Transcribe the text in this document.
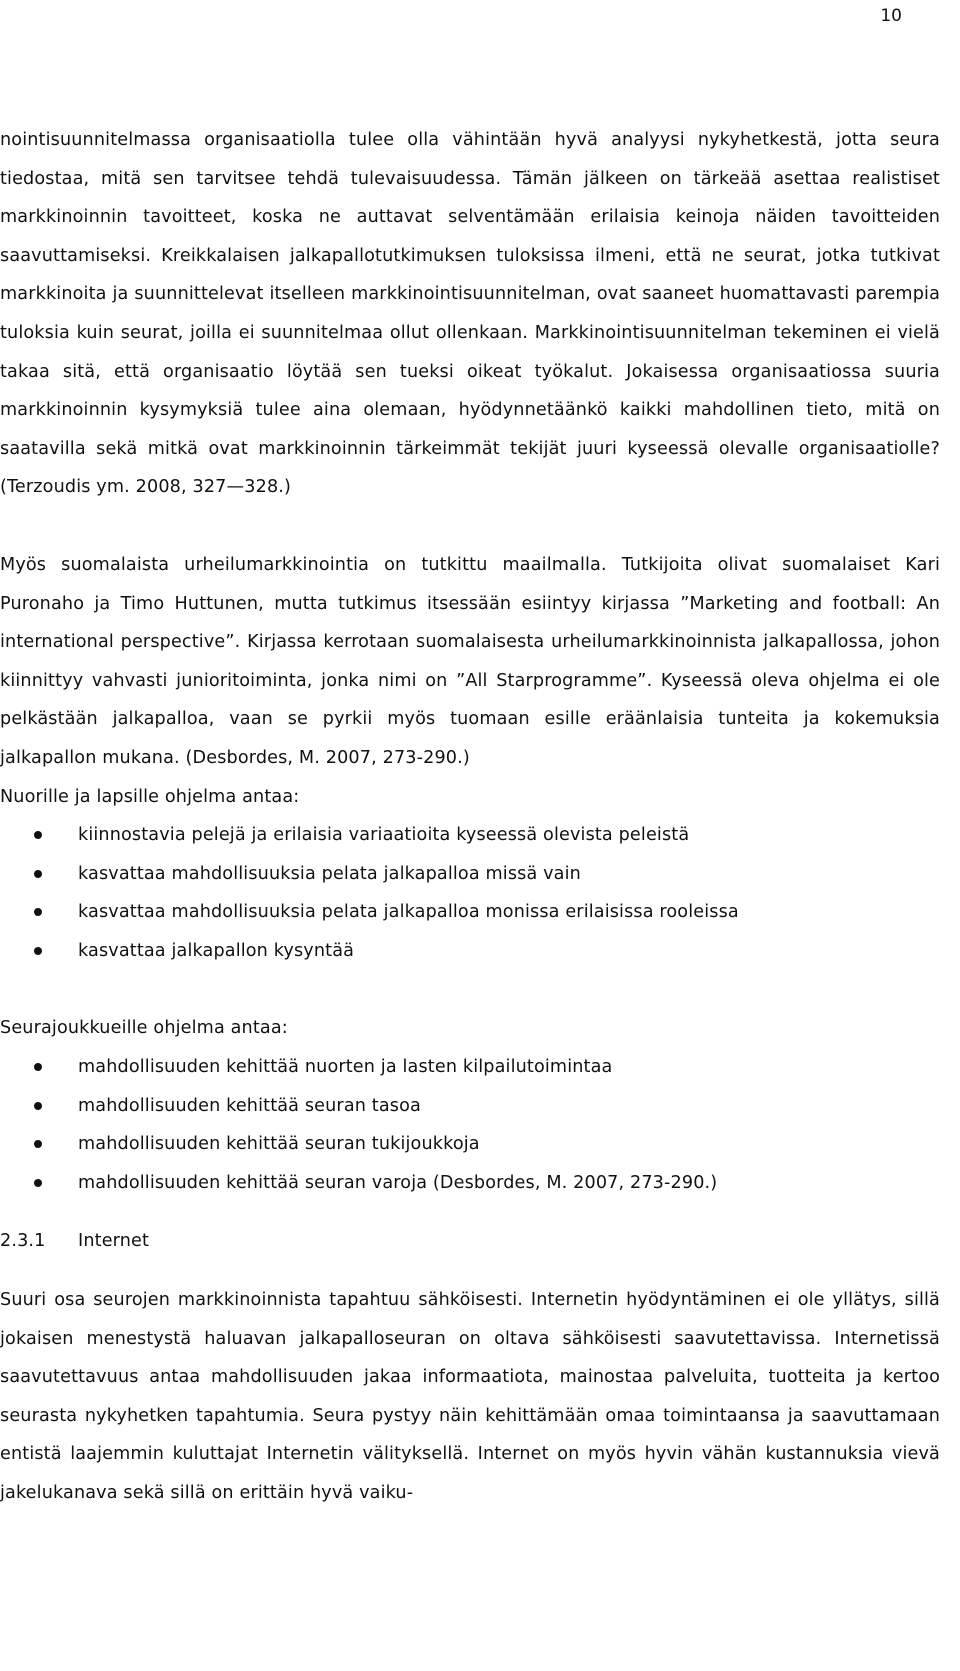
10

nointisuunnitelmassa organisaatiolla tulee olla vähintään hyvä analyysi nykyhetkestä, jotta seura tiedostaa, mitä sen tarvitsee tehdä tulevaisuudessa. Tämän jälkeen on tärkeää asettaa realistiset markkinoinnin tavoitteet, koska ne auttavat selventämään erilaisia keinoja näiden tavoitteiden saavuttamiseksi. Kreikkalaisen jalkapallotutkimuksen tuloksissa ilmeni, että ne seurat, jotka tutkivat markkinoita ja suunnittelevat itselleen markkinointisuunnitelman, ovat saaneet huomattavasti parempia tuloksia kuin seurat, joilla ei suunnitelmaa ollut ollenkaan. Markkinointisuunnitelman tekeminen ei vielä takaa sitä, että organisaatio löytää sen tueksi oikeat työkalut. Jokaisessa organisaatiossa suuria markkinoinnin kysymyksiä tulee aina olemaan, hyödynnetäänkö kaikki mahdollinen tieto, mitä on saatavilla sekä mitkä ovat markkinoinnin tärkeimmät tekijät juuri kyseessä olevalle organisaatiolle?(Terzoudis ym. 2008, 327—328.)

Myös suomalaista urheilumarkkinointia on tutkittu maailmalla. Tutkijoita olivat suomalaiset Kari Puronaho ja Timo Huttunen, mutta tutkimus itsessään esiintyy kirjassa ”Marketing and football: An international perspective”. Kirjassa kerrotaan suomalaisesta urheilumarkkinoinnista jalkapallossa, johon kiinnittyy vahvasti junioritoiminta, jonka nimi on ”All Starprogramme”. Kyseessä oleva ohjelma ei ole pelkästään jalkapalloa, vaan se pyrkii myös tuomaan esille eräänlaisia tunteita ja kokemuksia jalkapallon mukana. (Desbordes, M. 2007, 273-290.)

Nuorille ja lapsille ohjelma antaa:

kiinnostavia pelejä ja erilaisia variaatioita kyseessä olevista peleistä
kasvattaa mahdollisuuksia pelata jalkapalloa missä vain
kasvattaa mahdollisuuksia pelata jalkapalloa monissa erilaisissa rooleissa
kasvattaa jalkapallon kysyntää

Seurajoukkueille ohjelma antaa:

mahdollisuuden kehittää nuorten ja lasten kilpailutoimintaa
mahdollisuuden kehittää seuran tasoa
mahdollisuuden kehittää seuran tukijoukkoja
mahdollisuuden kehittää seuran varoja (Desbordes, M. 2007, 273-290.)
2.3.1	Internet

Suuri osa seurojen markkinoinnista tapahtuu sähköisesti. Internetin hyödyntäminen ei ole yllätys, sillä jokaisen menestystä haluavan jalkapalloseuran on oltava sähköisesti saavutettavissa. Internetissä saavutettavuus antaa mahdollisuuden jakaa informaatiota, mainostaa palveluita, tuotteita ja kertoo seurasta nykyhetken tapahtumia. Seura pystyy näin kehittämään omaa toimintaansa ja saavuttamaan entistä laajemmin kuluttajat Internetin välityksellä. Internet on myös hyvin vähän kustannuksia vievä jakelukanava sekä sillä on erittäin hyvä vaiku-
